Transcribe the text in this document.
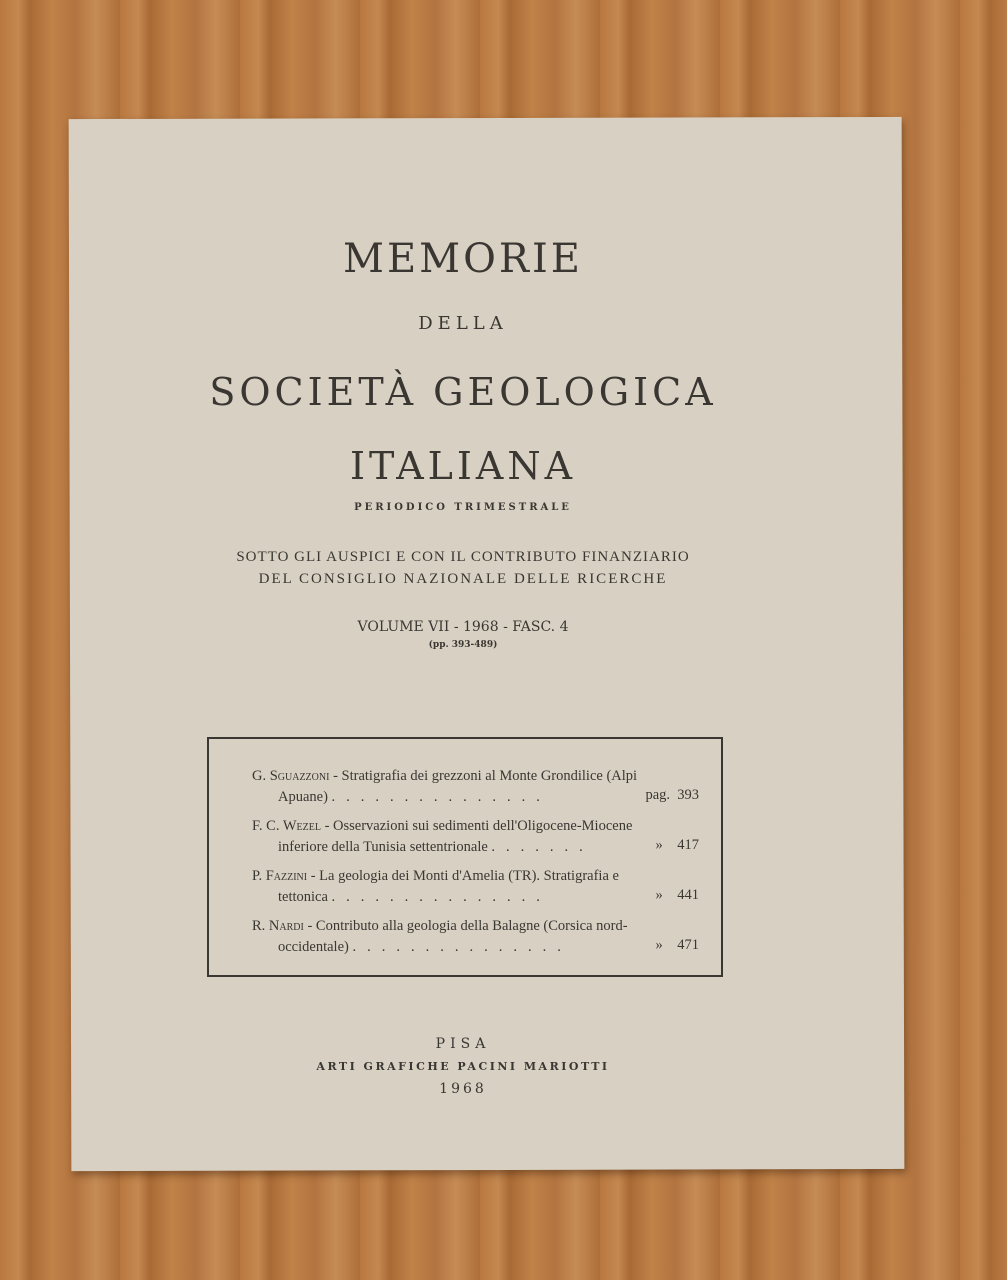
MEMORIE
DELLA
SOCIETÀ GEOLOGICA
ITALIANA
PERIODICO TRIMESTRALE
SOTTO GLI AUSPICI E CON IL CONTRIBUTO FINANZIARIO
DEL CONSIGLIO NAZIONALE DELLE RICERCHE
VOLUME VII - 1968 - FASC. 4
(pp. 393-489)
G. Sguazzoni - Stratigrafia dei grezzoni al Monte Grondilice (Alpi
Apuane) ...............	pag. 393
F. C. Wezel - Osservazioni sui sedimenti dell'Oligocene-Miocene
inferiore della Tunisia settentrionale .......	» 417
P. Fazzini - La geologia dei Monti d'Amelia (TR). Stratigrafia e
tettonica ...............	» 441
R. Nardi - Contributo alla geologia della Balagne (Corsica nord-
occidentale) ...............	» 471
PISA
ARTI GRAFICHE PACINI MARIOTTI
1968
